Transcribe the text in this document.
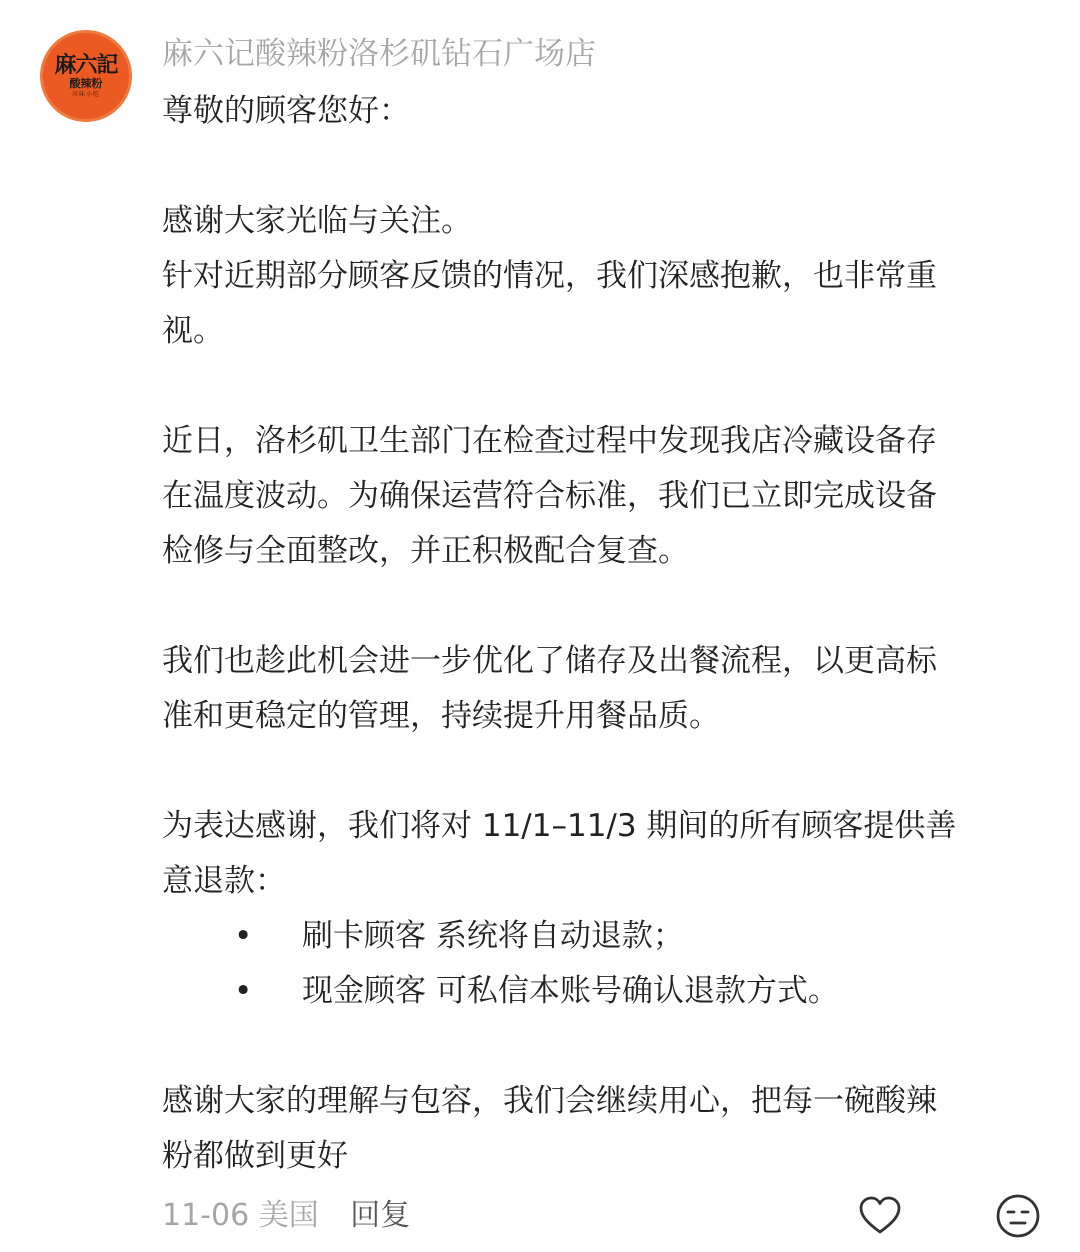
麻六記
酸辣粉
川味小吃
麻六记酸辣粉洛杉矶钻石广场店

尊敬的顾客您好：

感谢大家光临与关注。

针对近期部分顾客反馈的情况，我们深感抱歉，也非常重

视。

近日，洛杉矶卫生部门在检查过程中发现我店冷藏设备存

在温度波动。为确保运营符合标准，我们已立即完成设备

检修与全面整改，并正积极配合复查。

我们也趁此机会进一步优化了储存及出餐流程，以更高标

准和更稳定的管理，持续提升用餐品质。

为表达感谢，我们将对 11/1–11/3 期间的所有顾客提供善

意退款：

• 刷卡顾客 系统将自动退款；
• 现金顾客 可私信本账号确认退款方式。

感谢大家的理解与包容，我们会继续用心，把每一碗酸辣

粉都做到更好

11-06 美国 回复
